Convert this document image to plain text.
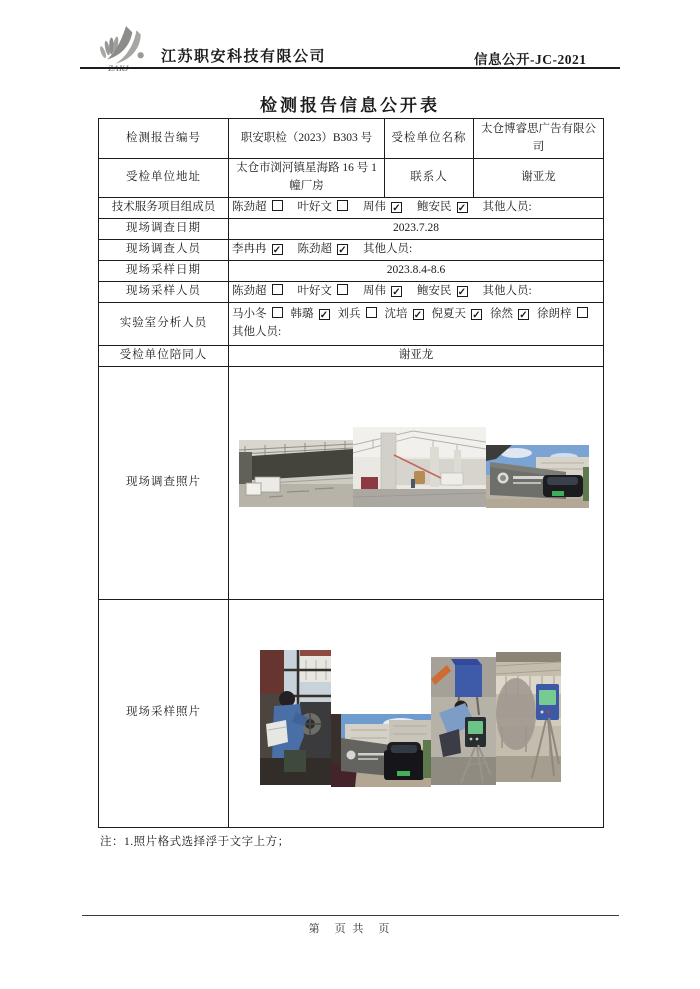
ZAKJ
江苏职安科技有限公司	信息公开-JC-2021
检测报告信息公开表
检测报告编号	职安职检（2023）B303 号	受检单位名称	太仓博睿思广告有限公司
受检单位地址	太仓市浏河镇星海路 16 号 1 幢厂房	联系人	谢亚龙
技术服务项目组成员	陈劲超 叶好文 周伟 ✓ 鲍安民 ✓ 其他人员:		
现场调查日期	2023.7.28		
现场调查人员	李冉冉 ✓ 陈劲超 ✓ 其他人员:		
现场采样日期	2023.8.4-8.6		
现场采样人员	陈劲超 叶好文 周伟 ✓ 鲍安民 ✓ 其他人员:		
实验室分析人员	马小冬 韩璐 ✓ 刘兵 沈培 ✓ 倪夏天 ✓ 徐然 ✓ 徐朗梓其他人员:		
受检单位陪同人	谢亚龙		
现场调查照片	

现场采样照片	
注：1.照片格式选择浮于文字上方；
第　页 共　页
